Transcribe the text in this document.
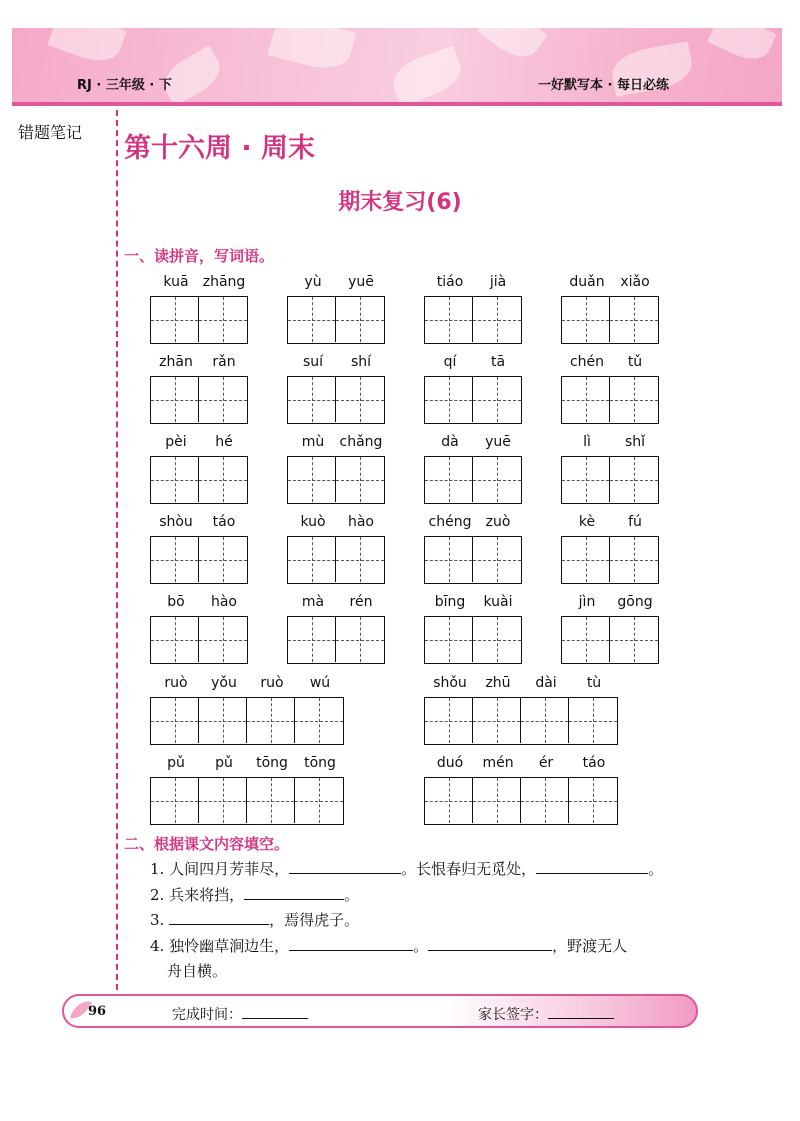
RJ · 三年级 · 下	一好默写本 · 每日必练
错题笔记
第十六周 · 周末
期末复习(6)
一、读拼音，写词语。
kuā	zhāng	yù	yuē	tiáo	jià	duǎn	xiǎo
zhān	rǎn	suí	shí	qí	tā	chén	tǔ
pèi	hé	mù	chǎng	dà	yuē	lì	shǐ
shòu	táo	kuò	hào	chéng	zuò	kè	fú
bō	hào	mà	rén	bīng	kuài	jìn	gōng
ruò	yǒu	ruò	wú	shǒu	zhū	dài	tù
pǔ	pǔ	tōng	tōng	duó	mén	ér	táo
二、根据课文内容填空。
1. 人间四月芳菲尽，	。长恨春归无觅处，	。
2. 兵来将挡，	。
3.	，焉得虎子。
4. 独怜幽草涧边生，	。	，野渡无人
舟自横。
96	完成时间：	家长签字：
